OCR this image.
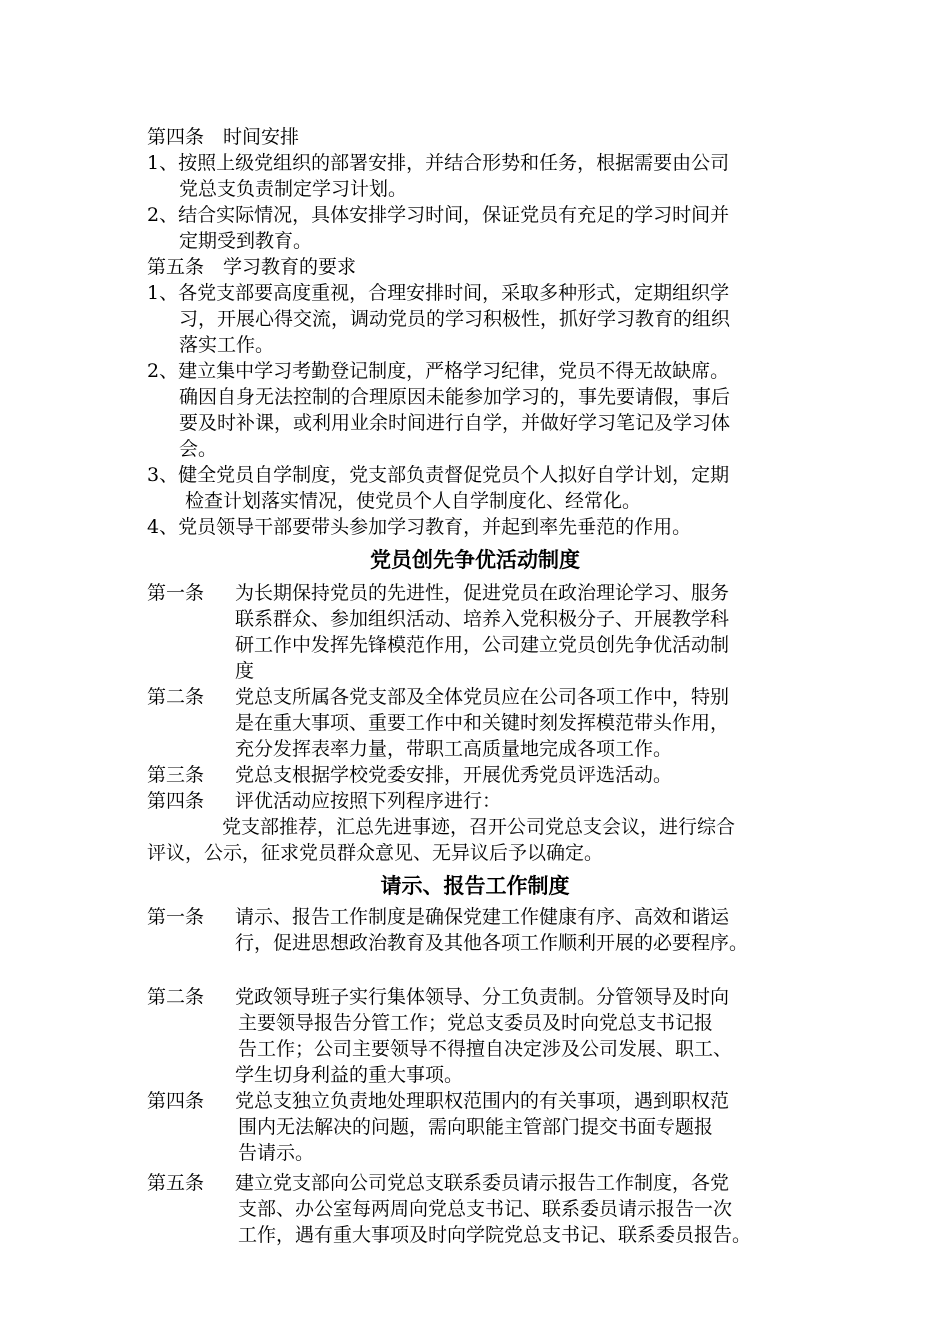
第四条　时间安排
1、按照上级党组织的部署安排，并结合形势和任务，根据需要由公司
党总支负责制定学习计划。
2、结合实际情况，具体安排学习时间，保证党员有充足的学习时间并
定期受到教育。
第五条　学习教育的要求
1、各党支部要高度重视，合理安排时间，采取多种形式，定期组织学
习，开展心得交流，调动党员的学习积极性，抓好学习教育的组织
落实工作。
2、建立集中学习考勤登记制度，严格学习纪律，党员不得无故缺席。
确因自身无法控制的合理原因未能参加学习的，事先要请假，事后
要及时补课，或利用业余时间进行自学，并做好学习笔记及学习体
会。
3、健全党员自学制度，党支部负责督促党员个人拟好自学计划，定期
检查计划落实情况，使党员个人自学制度化、经常化。
4、党员领导干部要带头参加学习教育，并起到率先垂范的作用。
党员创先争优活动制度
第一条 为长期保持党员的先进性，促进党员在政治理论学习、服务
联系群众、参加组织活动、培养入党积极分子、开展教学科
研工作中发挥先锋模范作用，公司建立党员创先争优活动制
度
第二条 党总支所属各党支部及全体党员应在公司各项工作中，特别
是在重大事项、重要工作中和关键时刻发挥模范带头作用，
充分发挥表率力量，带职工高质量地完成各项工作。
第三条 党总支根据学校党委安排，开展优秀党员评选活动。
第四条 评优活动应按照下列程序进行：
党支部推荐，汇总先进事迹，召开公司党总支会议，进行综合
评议，公示，征求党员群众意见、无异议后予以确定。
请示、报告工作制度
第一条 请示、报告工作制度是确保党建工作健康有序、高效和谐运
行，促进思想政治教育及其他各项工作顺利开展的必要程序。
第二条 党政领导班子实行集体领导、分工负责制。分管领导及时向
主要领导报告分管工作；党总支委员及时向党总支书记报
告工作；公司主要领导不得擅自决定涉及公司发展、职工、
学生切身利益的重大事项。
第四条 党总支独立负责地处理职权范围内的有关事项，遇到职权范
围内无法解决的问题，需向职能主管部门提交书面专题报
告请示。
第五条 建立党支部向公司党总支联系委员请示报告工作制度，各党
支部、办公室每两周向党总支书记、联系委员请示报告一次
工作，遇有重大事项及时向学院党总支书记、联系委员报告。
